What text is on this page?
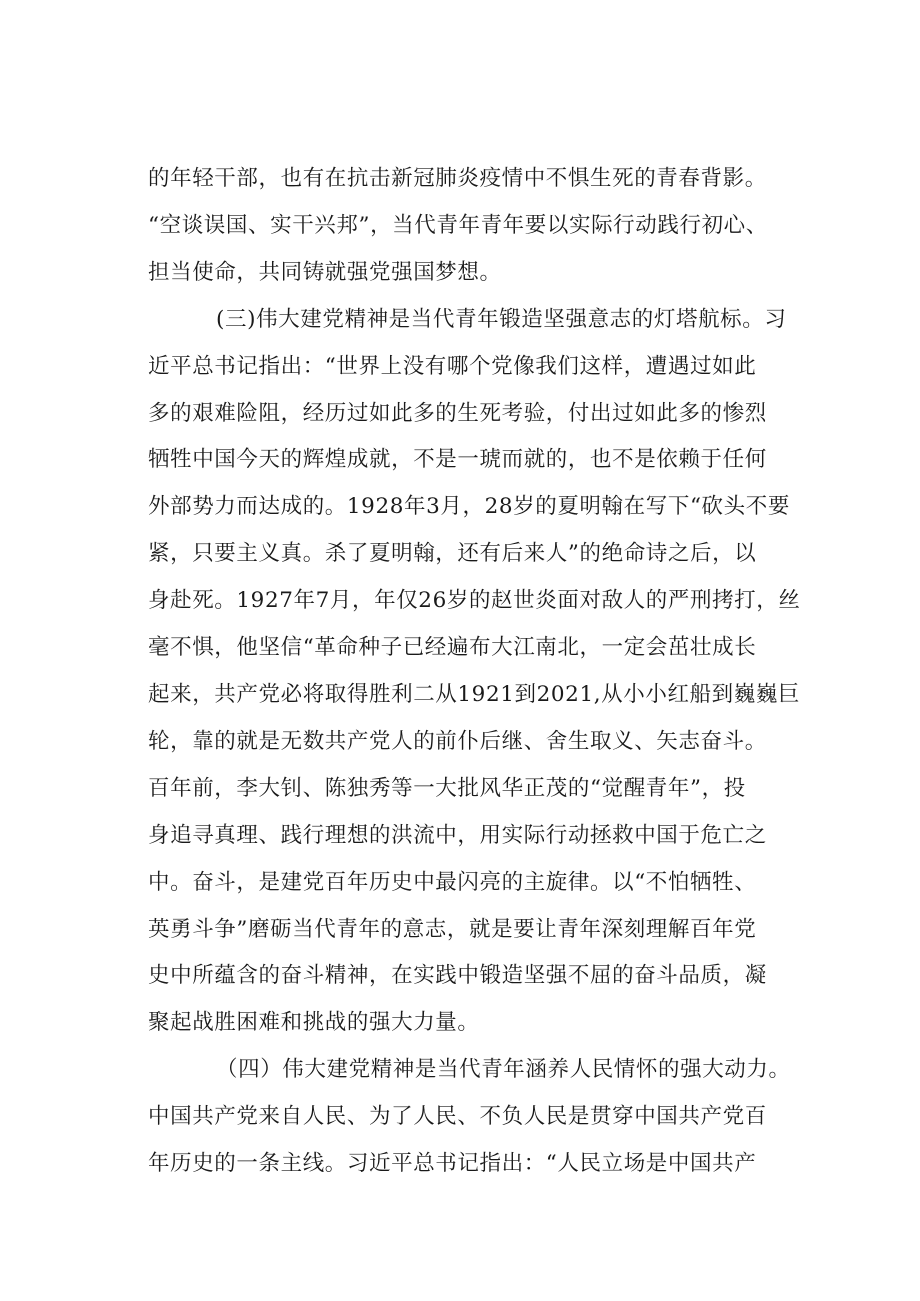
的年轻干部，也有在抗击新冠肺炎疫情中不惧生死的青春背影。
“空谈误国、实干兴邦”，当代青年青年要以实际行动践行初心、
担当使命，共同铸就强党强国梦想。
(三)伟大建党精神是当代青年锻造坚强意志的灯塔航标。习
近平总书记指出：“世界上没有哪个党像我们这样，遭遇过如此
多的艰难险阻，经历过如此多的生死考验，付出过如此多的惨烈
牺牲中国今天的辉煌成就，不是一琥而就的，也不是依赖于任何
外部势力而达成的。1928年3月，28岁的夏明翰在写下“砍头不要
紧，只要主义真。杀了夏明翰，还有后来人”的绝命诗之后，以
身赴死。1927年7月，年仅26岁的赵世炎面对敌人的严刑拷打，丝
毫不惧，他坚信“革命种子已经遍布大江南北，一定会茁壮成长
起来，共产党必将取得胜利二从1921到2021,从小小红船到巍巍巨
轮，靠的就是无数共产党人的前仆后继、舍生取义、矢志奋斗。
百年前，李大钊、陈独秀等一大批风华正茂的“觉醒青年”，投
身追寻真理、践行理想的洪流中，用实际行动拯救中国于危亡之
中。奋斗，是建党百年历史中最闪亮的主旋律。以“不怕牺牲、
英勇斗争”磨砺当代青年的意志，就是要让青年深刻理解百年党
史中所蕴含的奋斗精神，在实践中锻造坚强不屈的奋斗品质，凝
聚起战胜困难和挑战的强大力量。
（四）伟大建党精神是当代青年涵养人民情怀的强大动力。
中国共产党来自人民、为了人民、不负人民是贯穿中国共产党百
年历史的一条主线。习近平总书记指出：“人民立场是中国共产
